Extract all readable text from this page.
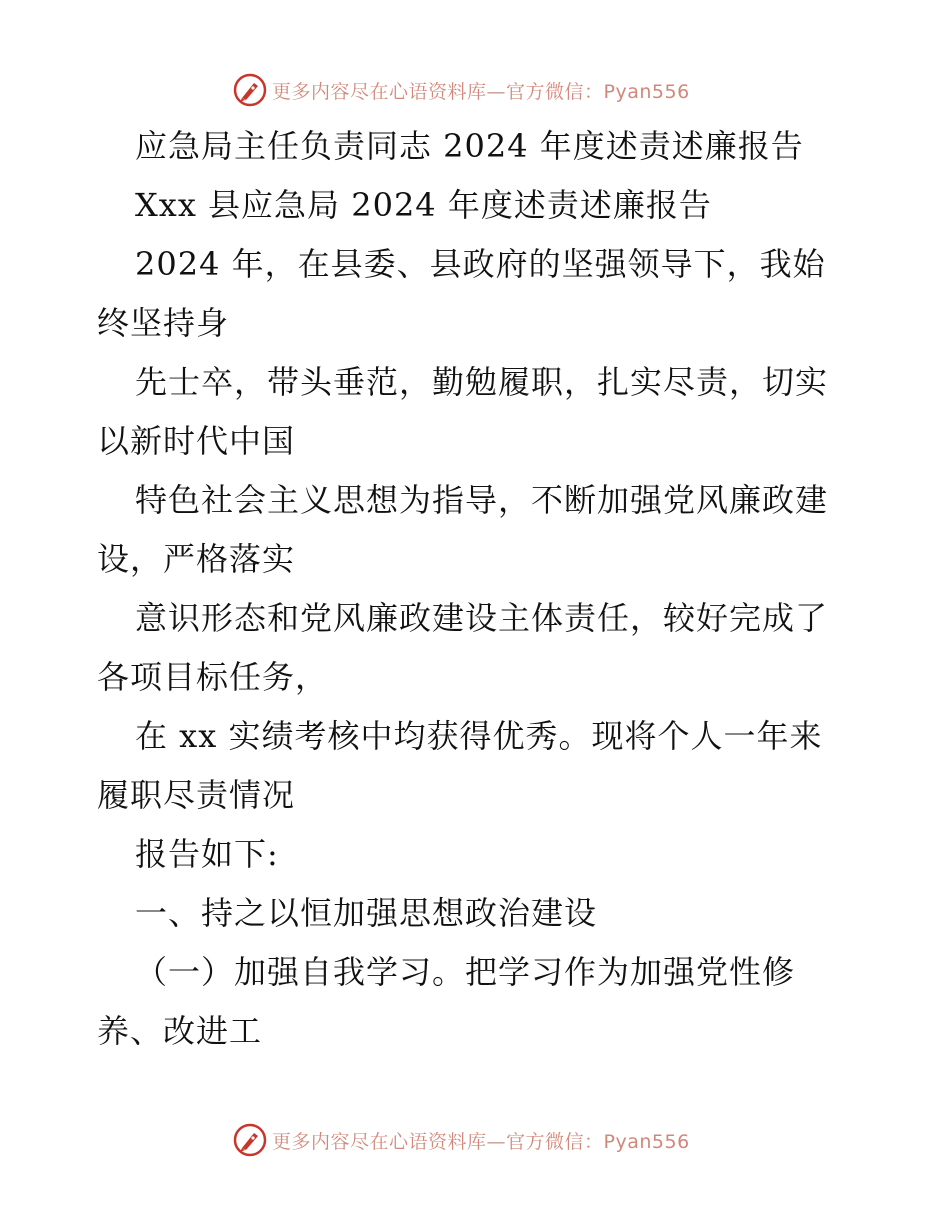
更多内容尽在心语资料库—官方微信：Pyan556
应急局主任负责同志 2024 年度述责述廉报告
Xxx 县应急局 2024 年度述责述廉报告
2024 年，在县委、县政府的坚强领导下，我始
终坚持身
先士卒，带头垂范，勤勉履职，扎实尽责，切实
以新时代中国
特色社会主义思想为指导，不断加强党风廉政建
设，严格落实
意识形态和党风廉政建设主体责任，较好完成了
各项目标任务，
在 xx 实绩考核中均获得优秀。现将个人一年来
履职尽责情况
报告如下:
一、持之以恒加强思想政治建设
（一）加强自我学习。把学习作为加强党性修
养、改进工
更多内容尽在心语资料库—官方微信：Pyan556
